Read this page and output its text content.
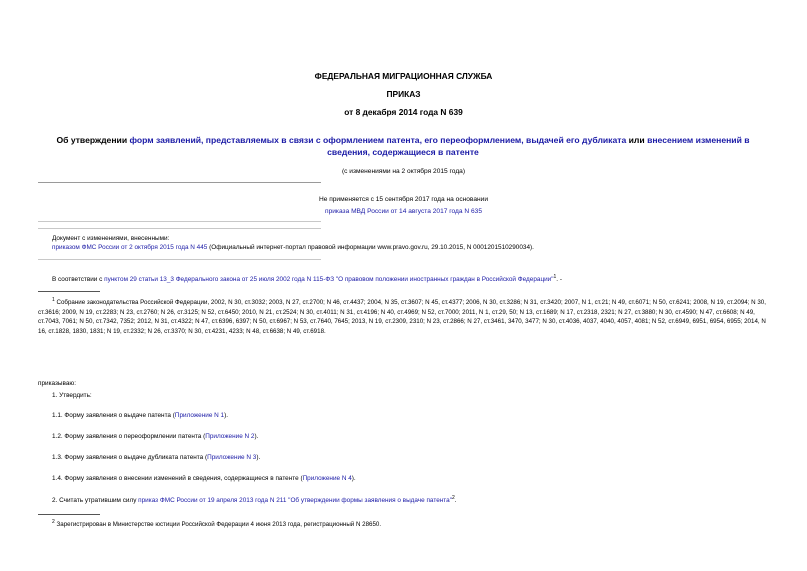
ФЕДЕРАЛЬНАЯ МИГРАЦИОННАЯ СЛУЖБА
ПРИКАЗ
от 8 декабря 2014 года N 639
Об утверждении форм заявлений, представляемых в связи с оформлением патента, его переоформлением, выдачей его дубликата или внесением изменений в сведения, содержащиеся в патенте
(с изменениями на 2 октября 2015 года)
Не применяется с 15 сентября 2017 года на основании
приказа МВД России от 14 августа 2017 года N 635
Документ с изменениями, внесенными:
приказом ФМС России от 2 октября 2015 года N 445 (Официальный интернет-портал правовой информации www.pravo.gov.ru, 29.10.2015, N 0001201510290034).
В соответствии с пунктом 29 статьи 13_3 Федерального закона от 25 июля 2002 года N 115-ФЗ "О правовом положении иностранных граждан в Российской Федерации"$^1$. -
$^1$ Собрание законодательства Российской Федерации, 2002, N 30, ст.3032; 2003, N 27, ст.2700; N 46, ст.4437; 2004, N 35, ст.3607; N 45, ст.4377; 2006, N 30, ст.3286; N 31, ст.3420; 2007, N 1, ст.21; N 49, ст.6071; N 50, ст.6241; 2008, N 19, ст.2094; N 30, ст.3616; 2009, N 19, ст.2283; N 23, ст.2760; N 26, ст.3125; N 52, ст.6450; 2010, N 21, ст.2524; N 30, ст.4011; N 31, ст.4196; N 40, ст.4969; N 52, ст.7000; 2011, N 1, ст.29, 50; N 13, ст.1689; N 17, ст.2318, 2321; N 27, ст.3880; N 30, ст.4590; N 47, ст.6608; N 49, ст.7043, 7061; N 50, ст.7342, 7352; 2012, N 31, ст.4322; N 47, ст.6396, 6397; N 50, ст.6967; N 53, ст.7640, 7645; 2013, N 19, ст.2309, 2310; N 23, ст.2866; N 27, ст.3461, 3470, 3477; N 30, ст.4036, 4037, 4040, 4057, 4081; N 52, ст.6949, 6951, 6954, 6955; 2014, N 16, ст.1828, 1830, 1831; N 19, ст.2332; N 26, ст.3370; N 30, ст.4231, 4233; N 48, ст.6638; N 49, ст.6918.
приказываю:
1. Утвердить:
1.1. Форму заявления о выдаче патента (Приложение N 1).
1.2. Форму заявления о переоформлении патента (Приложение N 2).
1.3. Форму заявления о выдаче дубликата патента (Приложение N 3).
1.4. Форму заявления о внесении изменений в сведения, содержащиеся в патенте (Приложение N 4).
2. Считать утратившим силу приказ ФМС России от 19 апреля 2013 года N 211 "Об утверждении формы заявления о выдаче патента"$^2$.
$^2$ Зарегистрирован в Министерстве юстиции Российской Федерации 4 июня 2013 года, регистрационный N 28650.
